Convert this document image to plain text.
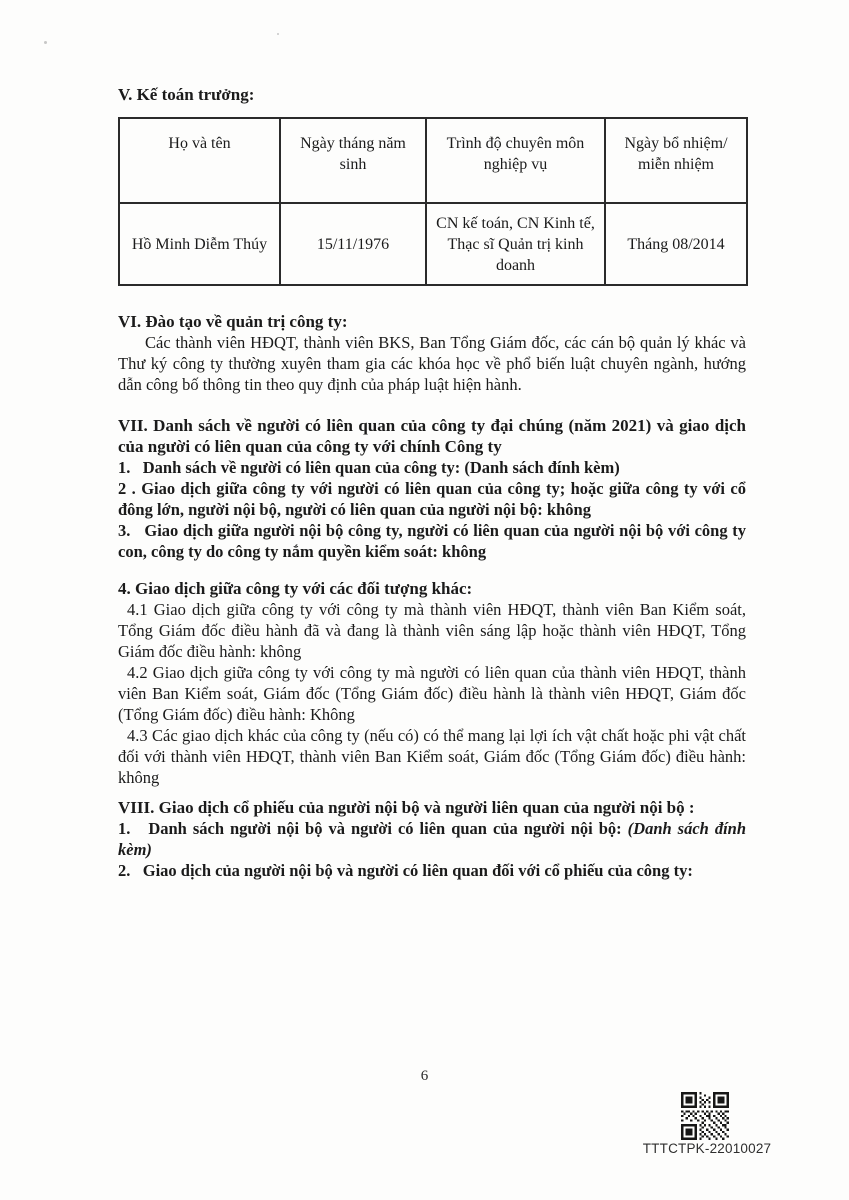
V. Kế toán trưởng:
Họ và tên	Ngày tháng năm sinh	Trình độ chuyên môn nghiệp vụ	Ngày bổ nhiệm/ miễn nhiệm
Hồ Minh Diễm Thúy	15/11/1976	CN kế toán, CN Kinh tế, Thạc sĩ Quản trị kinh doanh	Tháng 08/2014
VI. Đào tạo về quản trị công ty:

Các thành viên HĐQT, thành viên BKS, Ban Tổng Giám đốc, các cán bộ quản lý khác và Thư ký công ty thường xuyên tham gia các khóa học về phổ biến luật chuyên ngành, hướng dẫn công bố thông tin theo quy định của pháp luật hiện hành.

VII. Danh sách về người có liên quan của công ty đại chúng (năm 2021) và giao dịch của người có liên quan của công ty với chính Công ty

1.   Danh sách về người có liên quan của công ty: (Danh sách đính kèm)

2 . Giao dịch giữa công ty với người có liên quan của công ty; hoặc giữa công ty với cổ đông lớn, người nội bộ, người có liên quan của người nội bộ: không

3.   Giao dịch giữa người nội bộ công ty, người có liên quan của người nội bộ với công ty con, công ty do công ty nắm quyền kiểm soát: không

4. Giao dịch giữa công ty với các đối tượng khác:

4.1 Giao dịch giữa công ty với công ty mà thành viên HĐQT, thành viên Ban Kiểm soát, Tổng Giám đốc điều hành đã và đang là thành viên sáng lập hoặc thành viên HĐQT, Tổng Giám đốc điều hành: không

4.2 Giao dịch giữa công ty với công ty mà người có liên quan của thành viên HĐQT, thành viên Ban Kiểm soát, Giám đốc (Tổng Giám đốc) điều hành là thành viên HĐQT, Giám đốc (Tổng Giám đốc) điều hành: Không

4.3 Các giao dịch khác của công ty (nếu có) có thể mang lại lợi ích vật chất hoặc phi vật chất đối với thành viên HĐQT, thành viên Ban Kiểm soát, Giám đốc (Tổng Giám đốc) điều hành: không

VIII. Giao dịch cổ phiếu của người nội bộ và người liên quan của người nội bộ :

1.   Danh sách người nội bộ và người có liên quan của người nội bộ: (Danh sách đính kèm)

2.   Giao dịch của người nội bộ và người có liên quan đối với cổ phiếu của công ty:

6
TTTCTPK-22010027
